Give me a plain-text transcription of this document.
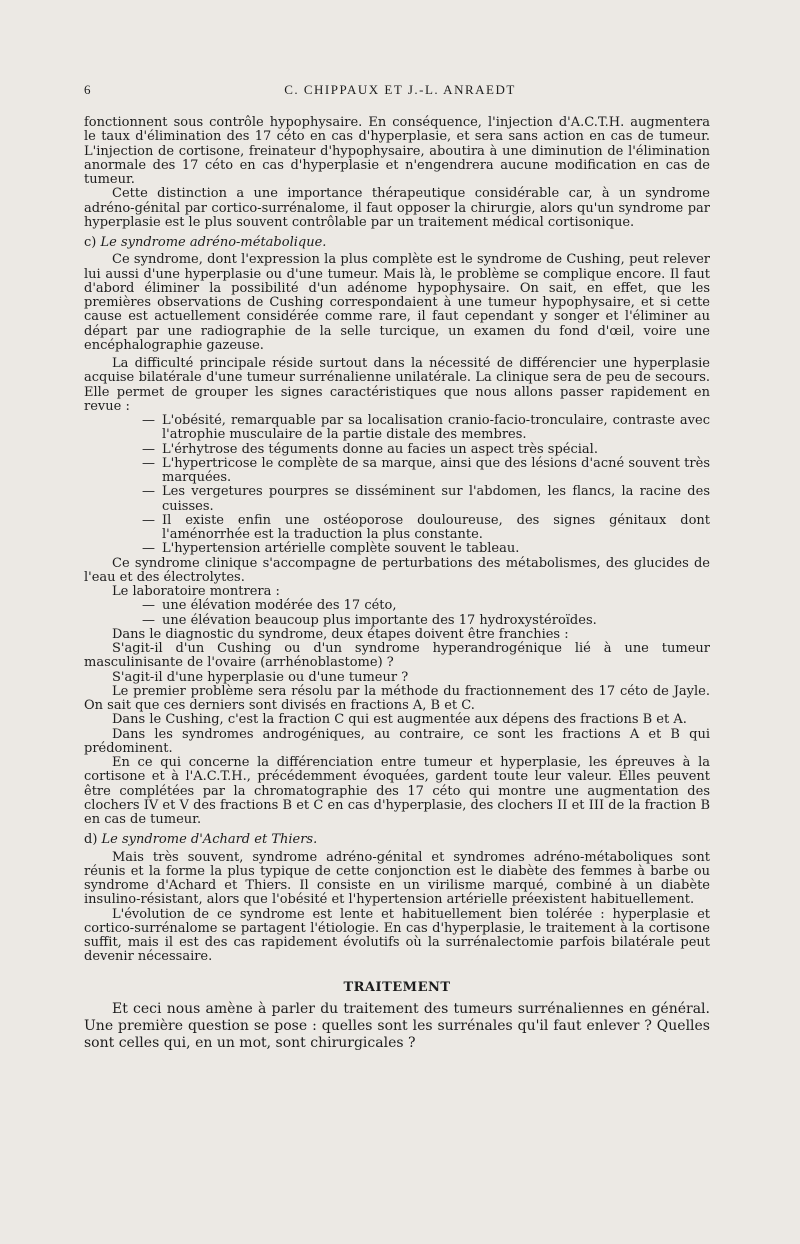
6	C. CHIPPAUX ET J.-L. ANRAEDT

fonctionnent sous contrôle hypophysaire. En conséquence, l'injection d'A.C.T.H. augmentera le taux d'élimination des 17 céto en cas d'hyperplasie, et sera sans action en cas de tumeur. L'injection de cortisone, freinateur d'hypophysaire, aboutira à une diminution de l'élimination anormale des 17 céto en cas d'hyperplasie et n'engendrera aucune modification en cas de tumeur.

Cette distinction a une importance thérapeutique considérable car, à un syndrome adréno-génital par cortico-surrénalome, il faut opposer la chirurgie, alors qu'un syndrome par hyperplasie est le plus souvent contrôlable par un traitement médical cortisonique.

c) Le syndrome adréno-métabolique.

Ce syndrome, dont l'expression la plus complète est le syndrome de Cushing, peut relever lui aussi d'une hyperplasie ou d'une tumeur. Mais là, le problème se complique encore. Il faut d'abord éliminer la possibilité d'un adénome hypophysaire. On sait, en effet, que les premières observations de Cushing correspondaient à une tumeur hypophysaire, et si cette cause est actuellement considérée comme rare, il faut cependant y songer et l'éliminer au départ par une radiographie de la selle turcique, un examen du fond d'œil, voire une encéphalographie gazeuse.

La difficulté principale réside surtout dans la nécessité de différencier une hyperplasie acquise bilatérale d'une tumeur surrénalienne unilatérale. La clinique sera de peu de secours. Elle permet de grouper les signes caractéristiques que nous allons passer rapidement en revue :

— L'obésité, remarquable par sa localisation cranio-facio-tronculaire, contraste avec l'atrophie musculaire de la partie distale des membres.
— L'érhytrose des téguments donne au facies un aspect très spécial.
— L'hypertricose le complète de sa marque, ainsi que des lésions d'acné souvent très marquées.
— Les vergetures pourpres se disséminent sur l'abdomen, les flancs, la racine des cuisses.
— Il existe enfin une ostéoporose douloureuse, des signes génitaux dont l'aménorrhée est la traduction la plus constante.
— L'hypertension artérielle complète souvent le tableau.

Ce syndrome clinique s'accompagne de perturbations des métabolismes, des glucides de l'eau et des électrolytes.

Le laboratoire montrera :

— une élévation modérée des 17 céto,
— une élévation beaucoup plus importante des 17 hydroxystéroïdes.

Dans le diagnostic du syndrome, deux étapes doivent être franchies :

S'agit-il d'un Cushing ou d'un syndrome hyperandrogénique lié à une tumeur masculinisante de l'ovaire (arrhénoblastome) ?

S'agit-il d'une hyperplasie ou d'une tumeur ?

Le premier problème sera résolu par la méthode du fractionnement des 17 céto de Jayle. On sait que ces derniers sont divisés en fractions A, B et C.

Dans le Cushing, c'est la fraction C qui est augmentée aux dépens des fractions B et A.

Dans les syndromes androgéniques, au contraire, ce sont les fractions A et B qui prédominent.

En ce qui concerne la différenciation entre tumeur et hyperplasie, les épreuves à la cortisone et à l'A.C.T.H., précédemment évoquées, gardent toute leur valeur. Elles peuvent être complétées par la chromatographie des 17 céto qui montre une augmentation des clochers IV et V des fractions B et C en cas d'hyperplasie, des clochers II et III de la fraction B en cas de tumeur.

d) Le syndrome d'Achard et Thiers.

Mais très souvent, syndrome adréno-génital et syndromes adréno-métaboliques sont réunis et la forme la plus typique de cette conjonction est le diabète des femmes à barbe ou syndrome d'Achard et Thiers. Il consiste en un virilisme marqué, combiné à un diabète insulino-résistant, alors que l'obésité et l'hypertension artérielle préexistent habituellement.

L'évolution de ce syndrome est lente et habituellement bien tolérée : hyperplasie et cortico-surrénalome se partagent l'étiologie. En cas d'hyperplasie, le traitement à la cortisone suffit, mais il est des cas rapidement évolutifs où la surrénalectomie parfois bilatérale peut devenir nécessaire.

TRAITEMENT

Et ceci nous amène à parler du traitement des tumeurs surrénaliennes en général. Une première question se pose : quelles sont les surrénales qu'il faut enlever ? Quelles sont celles qui, en un mot, sont chirurgicales ?
